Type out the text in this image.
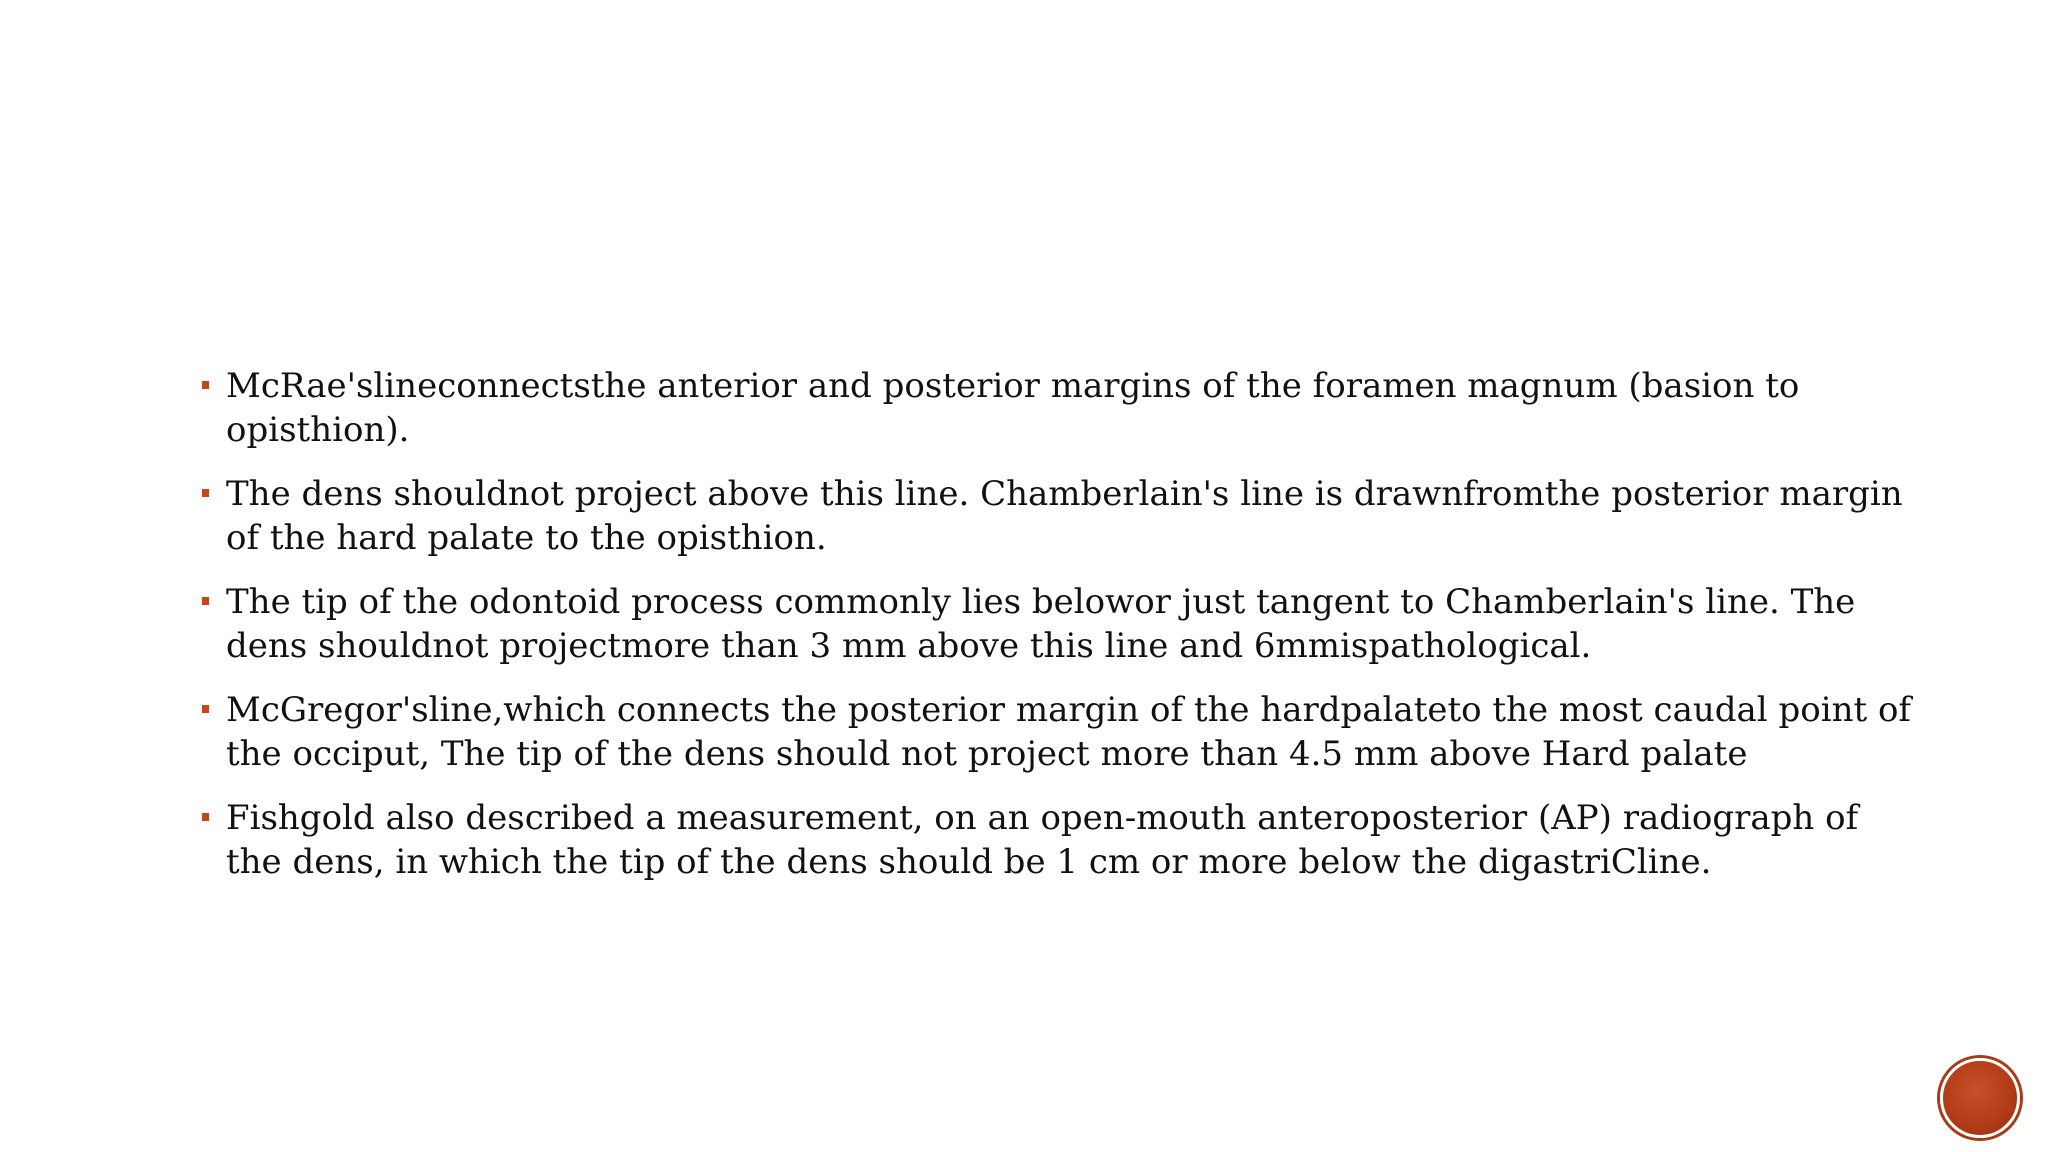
McRae'slineconnectsthe anterior and posterior margins of the foramen magnum (basion to opisthion).
The dens shouldnot project above this line. Chamberlain's line is drawnfromthe posterior margin of the hard palate to the opisthion.
The tip of the odontoid process commonly lies belowor just tangent to Chamberlain's line. The dens shouldnot projectmore than 3 mm above this line and 6mmispathological.
McGregor'sline,which connects the posterior margin of the hardpalateto the most caudal point of the occiput, The tip of the dens should not project more than 4.5 mm above Hard palate
Fishgold also described a measurement, on an open-mouth anteroposterior (AP) radiograph of the dens, in which the tip of the dens should be 1 cm or more below the digastriCline.
